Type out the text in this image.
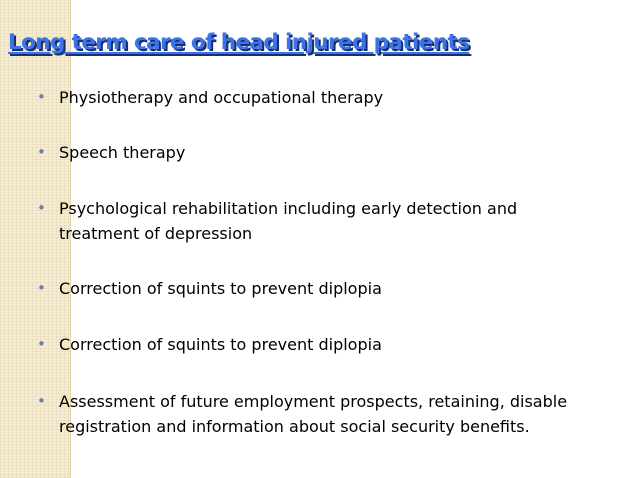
Long term care of head injured patients
• Physiotherapy and occupational therapy
• Speech therapy
• Psychological rehabilitation including early detection and treatment of depression
• Correction of squints to prevent diplopia
• Correction of squints to prevent diplopia
• Assessment of future employment prospects, retaining, disable registration and information about social security benefits.
